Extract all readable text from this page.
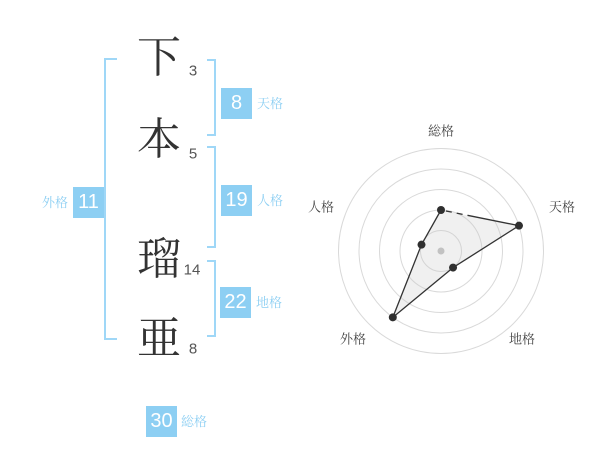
下
本
瑠
亜
3
5
14
8
8	天格
19 人格
外格 11
22 地格
30 総格
総格
天格
地格
外格
人格
